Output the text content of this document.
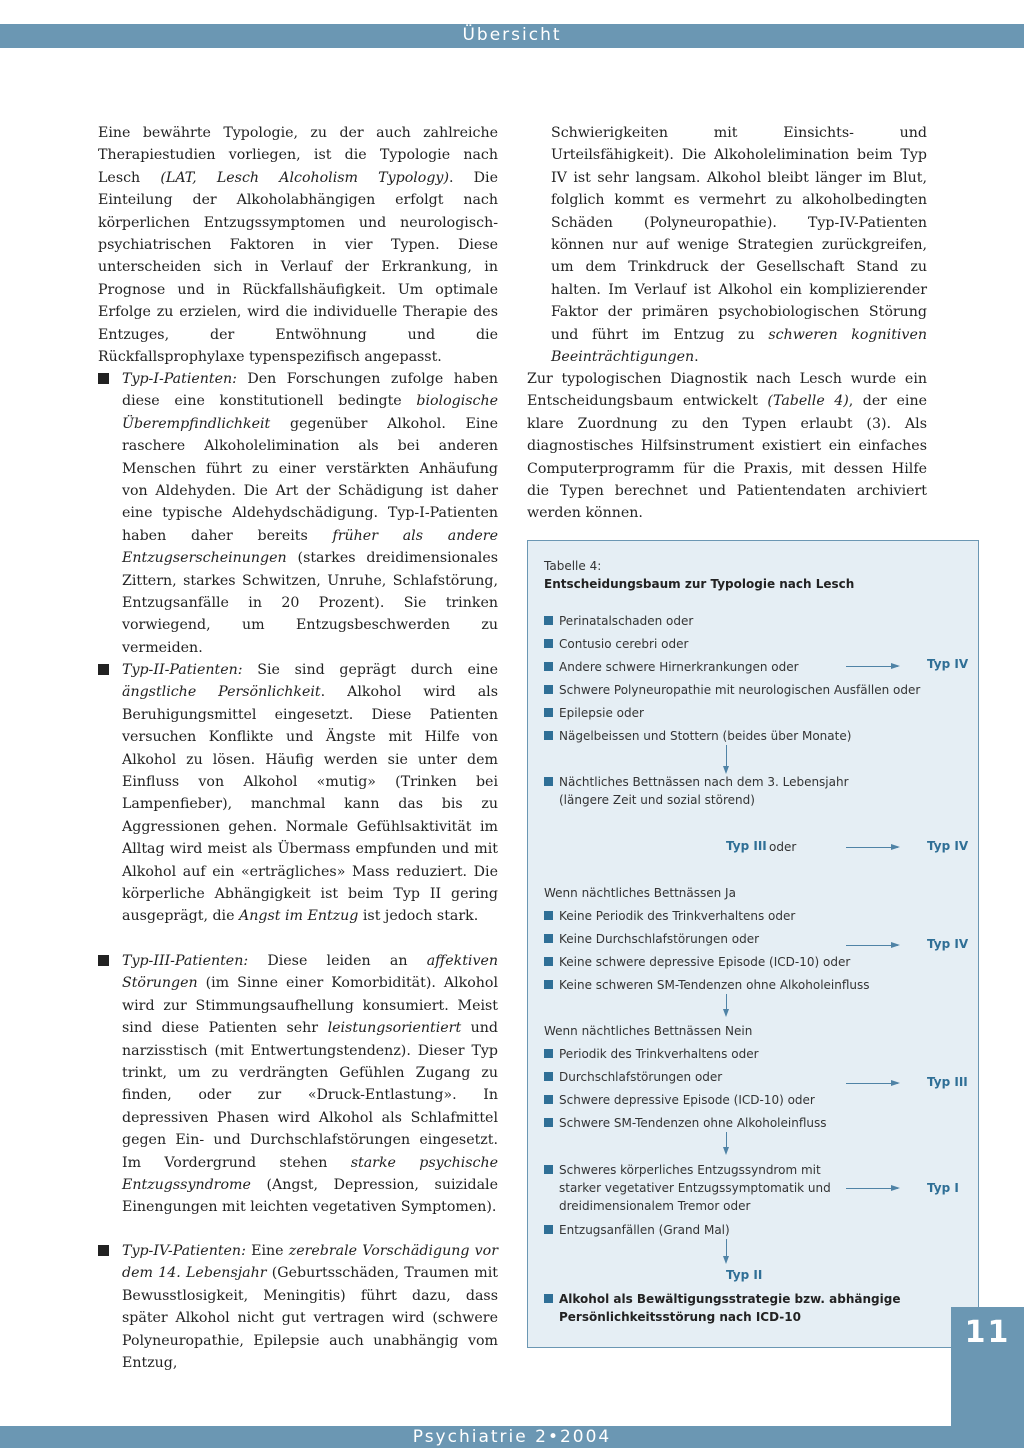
Übersicht

Eine bewährte Typologie, zu der auch zahlreiche Therapiestudien vorliegen, ist die Typologie nach Lesch (LAT, Lesch Alcoholism Typology). Die Einteilung der Alkoholabhängigen erfolgt nach körperlichen Entzugssymptomen und neurologisch-psychiatrischen Faktoren in vier Typen. Diese unterscheiden sich in Verlauf der Erkrankung, in Prognose und in Rückfallshäufigkeit. Um optimale Erfolge zu erzielen, wird die individuelle Therapie des Entzuges, der Entwöhnung und die Rückfallsprophylaxe typenspezifisch angepasst.

Typ-I-Patienten: Den Forschungen zufolge haben diese eine konstitutionell bedingte biologische Überempfindlichkeit gegenüber Alkohol. Eine raschere Alkoholelimination als bei anderen Menschen führt zu einer verstärkten Anhäufung von Aldehyden. Die Art der Schädigung ist daher eine typische Aldehydschädigung. Typ-I-Patienten haben daher bereits früher als andere Entzugserscheinungen (starkes dreidimensionales Zittern, starkes Schwitzen, Unruhe, Schlafstörung, Entzugsanfälle in 20 Prozent). Sie trinken vorwiegend, um Entzugsbeschwerden zu vermeiden.

Typ-II-Patienten: Sie sind geprägt durch eine ängstliche Persönlichkeit. Alkohol wird als Beruhigungsmittel eingesetzt. Diese Patienten versuchen Konflikte und Ängste mit Hilfe von Alkohol zu lösen. Häufig werden sie unter dem Einfluss von Alkohol «mutig» (Trinken bei Lampenfieber), manchmal kann das bis zu Aggressionen gehen. Normale Gefühlsaktivität im Alltag wird meist als Übermass empfunden und mit Alkohol auf ein «erträgliches» Mass reduziert. Die körperliche Abhängigkeit ist beim Typ II gering ausgeprägt, die Angst im Entzug ist jedoch stark.

Typ-III-Patienten: Diese leiden an affektiven Störungen (im Sinne einer Komorbidität). Alkohol wird zur Stimmungsaufhellung konsumiert. Meist sind diese Patienten sehr leistungsorientiert und narzisstisch (mit Entwertungstendenz). Dieser Typ trinkt, um zu verdrängten Gefühlen Zugang zu finden, oder zur «Druck-Entlastung». In depressiven Phasen wird Alkohol als Schlafmittel gegen Ein- und Durchschlafstörungen eingesetzt. Im Vordergrund stehen starke psychische Entzugssyndrome (Angst, Depression, suizidale Einengungen mit leichten vegetativen Symptomen).

Typ-IV-Patienten: Eine zerebrale Vorschädigung vor dem 14. Lebensjahr (Geburtsschäden, Traumen mit Bewusstlosigkeit, Meningitis) führt dazu, dass später Alkohol nicht gut vertragen wird (schwere Polyneuropathie, Epilepsie auch unabhängig vom Entzug,

Schwierigkeiten mit Einsichts- und Urteilsfähigkeit). Die Alkoholelimination beim Typ IV ist sehr langsam. Alkohol bleibt länger im Blut, folglich kommt es vermehrt zu alkoholbedingten Schäden (Polyneuropathie). Typ-IV-Patienten können nur auf wenige Strategien zurückgreifen, um dem Trinkdruck der Gesellschaft Stand zu halten. Im Verlauf ist Alkohol ein komplizierender Faktor der primären psychobiologischen Störung und führt im Entzug zu schweren kognitiven Beeinträchtigungen.

Zur typologischen Diagnostik nach Lesch wurde ein Entscheidungsbaum entwickelt (Tabelle 4), der eine klare Zuordnung zu den Typen erlaubt (3). Als diagnostisches Hilfsinstrument existiert ein einfaches Computerprogramm für die Praxis, mit dessen Hilfe die Typen berechnet und Patientendaten archiviert werden können.

Tabelle 4:
Entscheidungsbaum zur Typologie nach Lesch
Perinatalschaden oder
Contusio cerebri oder
Andere schwere Hirnerkrankungen oder
Schwere Polyneuropathie mit neurologischen Ausfällen oder
Epilepsie oder
Nägelbeissen und Stottern (beides über Monate)
Typ IV
Nächtliches Bettnässen nach dem 3. Lebensjahr
(längere Zeit und sozial störend)
Typ III oder	Typ IV
Wenn nächtliches Bettnässen Ja
Keine Periodik des Trinkverhaltens oder
Keine Durchschlafstörungen oder
Keine schwere depressive Episode (ICD-10) oder
Keine schweren SM-Tendenzen ohne Alkoholeinfluss
Typ IV
Wenn nächtliches Bettnässen Nein
Periodik des Trinkverhaltens oder
Durchschlafstörungen oder
Schwere depressive Episode (ICD-10) oder
Schwere SM-Tendenzen ohne Alkoholeinfluss
Typ III
Schweres körperliches Entzugssyndrom mit
starker vegetativer Entzugssymptomatik und
dreidimensionalem Tremor oder
Entzugsanfällen (Grand Mal)
Typ I
Typ II
Alkohol als Bewältigungsstrategie bzw. abhängige
Persönlichkeitsstörung nach ICD-10	11
Psychiatrie 2•2004
